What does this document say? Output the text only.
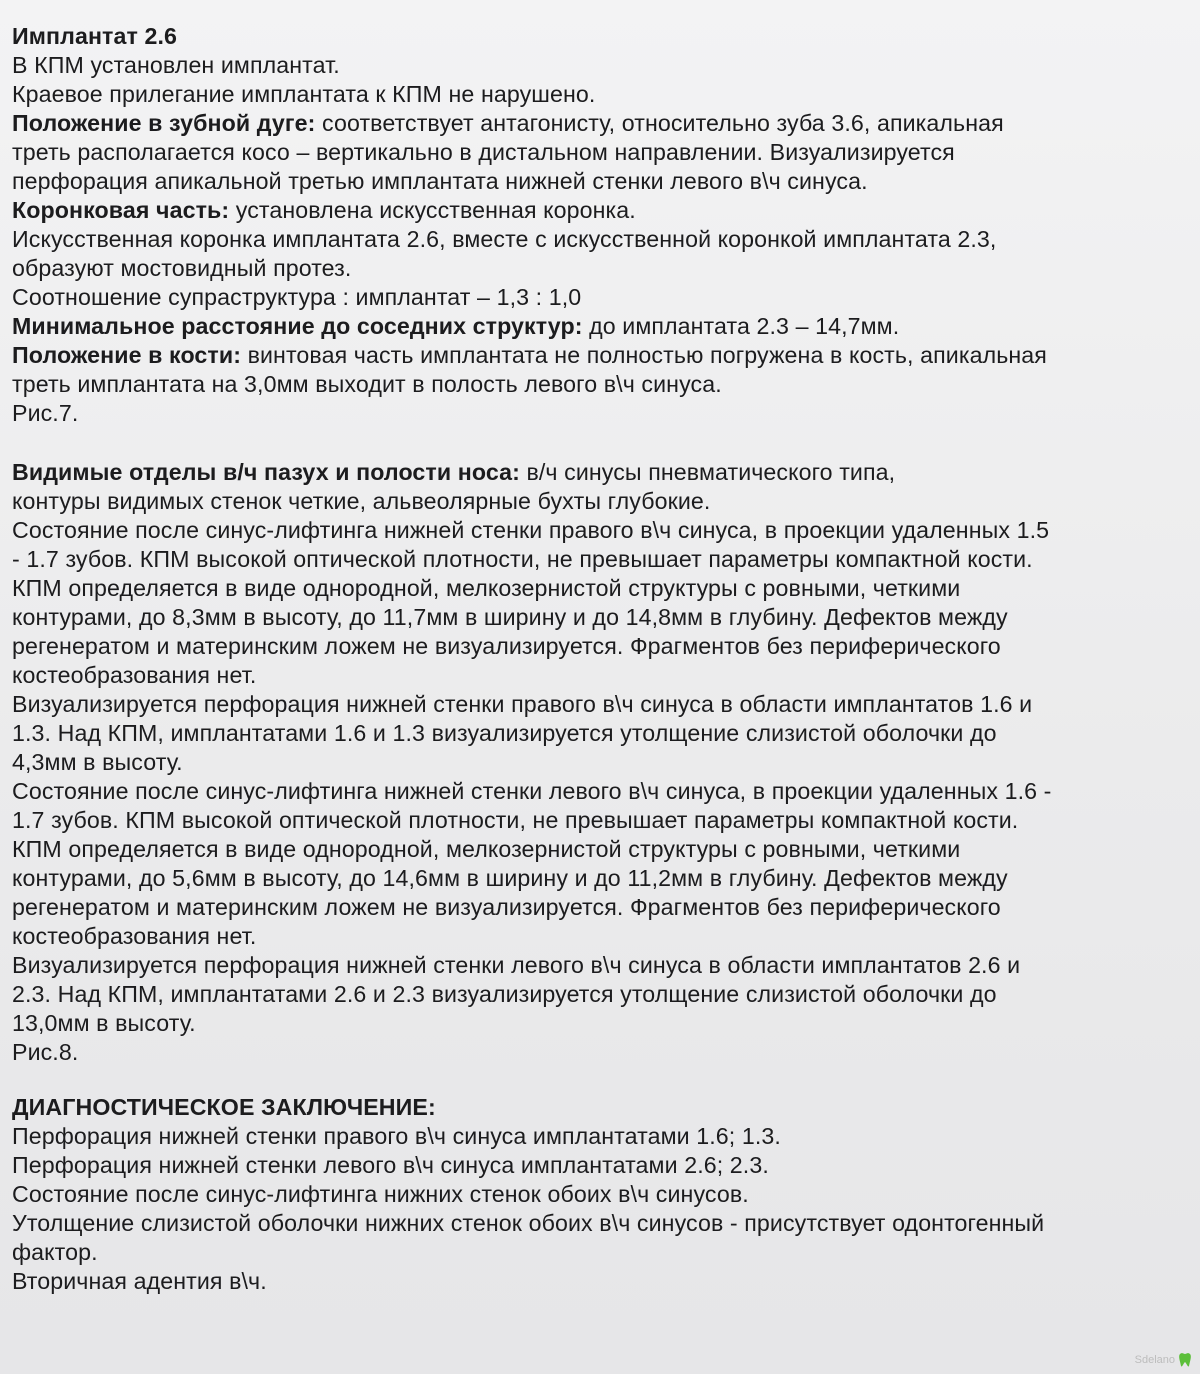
Имплантат 2.6
В КПМ установлен имплантат.
Краевое прилегание имплантата к КПМ не нарушено.
Положение в зубной дуге: соответствует антагонисту, относительно зуба 3.6, апикальная
треть располагается косо – вертикально в дистальном направлении. Визуализируется
перфорация апикальной третью имплантата нижней стенки левого в\ч синуса.
Коронковая часть: установлена искусственная коронка.
Искусственная коронка имплантата 2.6, вместе с искусственной коронкой имплантата 2.3,
образуют мостовидный протез.
Соотношение супраструктура : имплантат – 1,3 : 1,0
Минимальное расстояние до соседних структур: до имплантата 2.3 – 14,7мм.
Положение в кости: винтовая часть имплантата не полностью погружена в кость, апикальная
треть имплантата на 3,0мм выходит в полость левого в\ч синуса.
Рис.7.
Видимые отделы в/ч пазух и полости носа: в/ч синусы пневматического типа,
контуры видимых стенок четкие, альвеолярные бухты глубокие.
Состояние после синус-лифтинга нижней стенки правого в\ч синуса, в проекции удаленных 1.5
- 1.7 зубов. КПМ высокой оптической плотности, не превышает параметры компактной кости.
КПМ определяется в виде однородной, мелкозернистой структуры с ровными, четкими
контурами, до 8,3мм в высоту, до 11,7мм в ширину и до 14,8мм в глубину. Дефектов между
регенератом и материнским ложем не визуализируется. Фрагментов без периферического
костеобразования нет.
Визуализируется перфорация нижней стенки правого в\ч синуса в области имплантатов 1.6 и
1.3. Над КПМ, имплантатами 1.6 и 1.3 визуализируется утолщение слизистой оболочки до
4,3мм в высоту.
Состояние после синус-лифтинга нижней стенки левого в\ч синуса, в проекции удаленных 1.6 -
1.7 зубов. КПМ высокой оптической плотности, не превышает параметры компактной кости.
КПМ определяется в виде однородной, мелкозернистой структуры с ровными, четкими
контурами, до 5,6мм в высоту, до 14,6мм в ширину и до 11,2мм в глубину. Дефектов между
регенератом и материнским ложем не визуализируется. Фрагментов без периферического
костеобразования нет.
Визуализируется перфорация нижней стенки левого в\ч синуса в области имплантатов 2.6 и
2.3. Над КПМ, имплантатами 2.6 и 2.3 визуализируется утолщение слизистой оболочки до
13,0мм в высоту.
Рис.8.
ДИАГНОСТИЧЕСКОЕ ЗАКЛЮЧЕНИЕ:
Перфорация нижней стенки правого в\ч синуса имплантатами 1.6; 1.3.
Перфорация нижней стенки левого в\ч синуса имплантатами 2.6; 2.3.
Состояние после синус-лифтинга нижних стенок обоих в\ч синусов.
Утолщение слизистой оболочки нижних стенок обоих в\ч синусов - присутствует одонтогенный
фактор.
Вторичная адентия в\ч.
Sdelano
